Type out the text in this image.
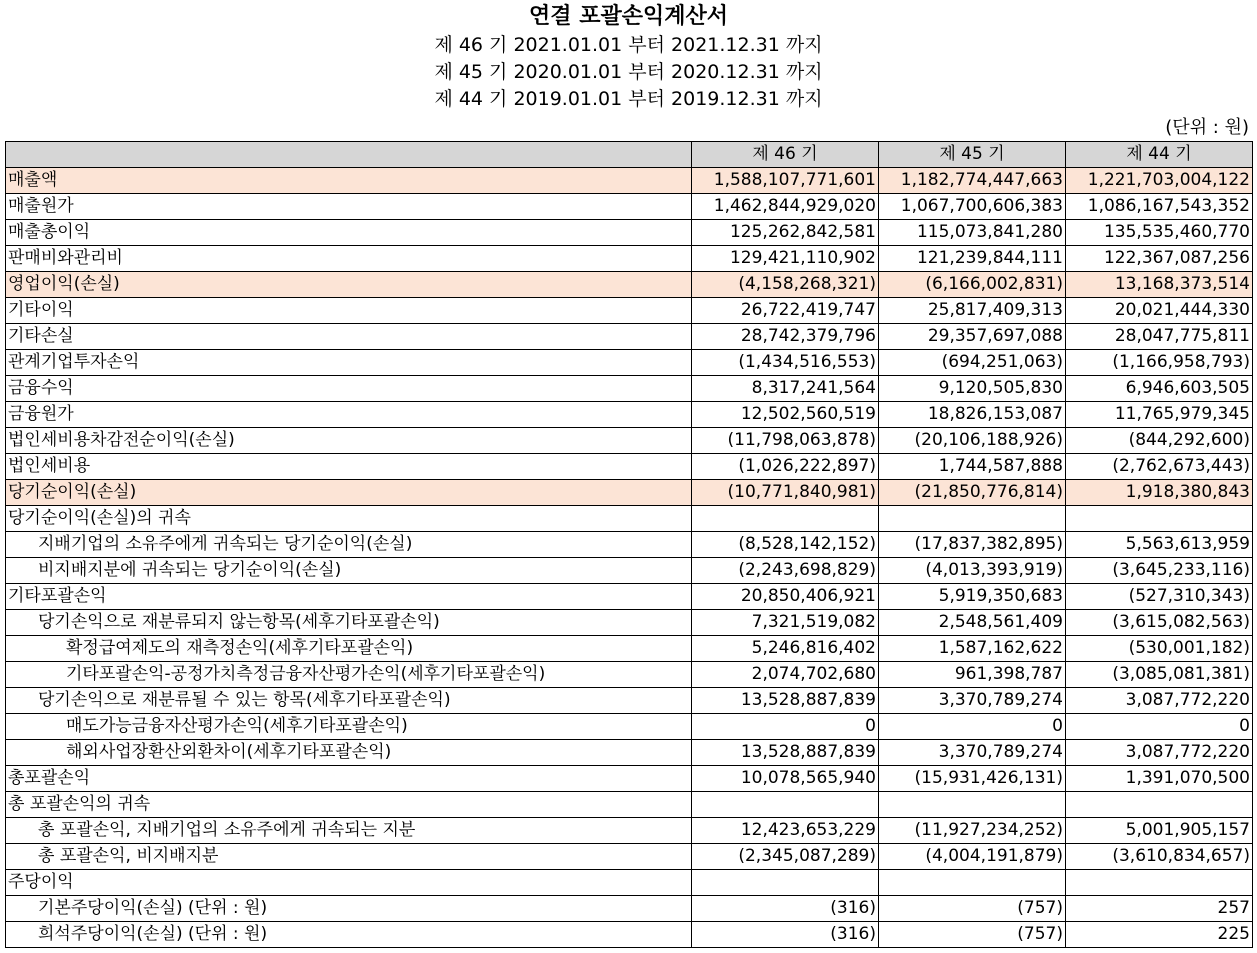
연결 포괄손익계산서
제 46 기 2021.01.01 부터 2021.12.31 까지
제 45 기 2020.01.01 부터 2020.12.31 까지
제 44 기 2019.01.01 부터 2019.12.31 까지
(단위 : 원)
	제 46 기	제 45 기	제 44 기
매출액	1,588,107,771,601	1,182,774,447,663	1,221,703,004,122
매출원가	1,462,844,929,020	1,067,700,606,383	1,086,167,543,352
매출총이익	125,262,842,581	115,073,841,280	135,535,460,770
판매비와관리비	129,421,110,902	121,239,844,111	122,367,087,256
영업이익(손실)	(4,158,268,321)	(6,166,002,831)	13,168,373,514
기타이익	26,722,419,747	25,817,409,313	20,021,444,330
기타손실	28,742,379,796	29,357,697,088	28,047,775,811
관계기업투자손익	(1,434,516,553)	(694,251,063)	(1,166,958,793)
금융수익	8,317,241,564	9,120,505,830	6,946,603,505
금융원가	12,502,560,519	18,826,153,087	11,765,979,345
법인세비용차감전순이익(손실)	(11,798,063,878)	(20,106,188,926)	(844,292,600)
법인세비용	(1,026,222,897)	1,744,587,888	(2,762,673,443)
당기순이익(손실)	(10,771,840,981)	(21,850,776,814)	1,918,380,843
당기순이익(손실)의 귀속			
지배기업의 소유주에게 귀속되는 당기순이익(손실)	(8,528,142,152)	(17,837,382,895)	5,563,613,959
비지배지분에 귀속되는 당기순이익(손실)	(2,243,698,829)	(4,013,393,919)	(3,645,233,116)
기타포괄손익	20,850,406,921	5,919,350,683	(527,310,343)
당기손익으로 재분류되지 않는항목(세후기타포괄손익)	7,321,519,082	2,548,561,409	(3,615,082,563)
확정급여제도의 재측정손익(세후기타포괄손익)	5,246,816,402	1,587,162,622	(530,001,182)
기타포괄손익-공정가치측정금융자산평가손익(세후기타포괄손익)	2,074,702,680	961,398,787	(3,085,081,381)
당기손익으로 재분류될 수 있는 항목(세후기타포괄손익)	13,528,887,839	3,370,789,274	3,087,772,220
매도가능금융자산평가손익(세후기타포괄손익)	0	0	0
해외사업장환산외환차이(세후기타포괄손익)	13,528,887,839	3,370,789,274	3,087,772,220
총포괄손익	10,078,565,940	(15,931,426,131)	1,391,070,500
총 포괄손익의 귀속			
총 포괄손익, 지배기업의 소유주에게 귀속되는 지분	12,423,653,229	(11,927,234,252)	5,001,905,157
총 포괄손익, 비지배지분	(2,345,087,289)	(4,004,191,879)	(3,610,834,657)
주당이익			
기본주당이익(손실) (단위 : 원)	(316)	(757)	257
희석주당이익(손실) (단위 : 원)	(316)	(757)	225
